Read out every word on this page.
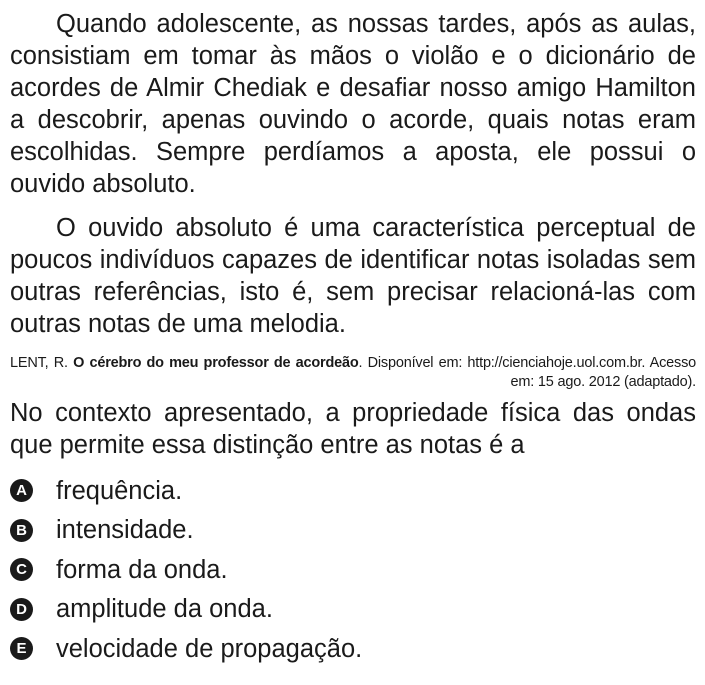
Quando adolescente, as nossas tardes, após as aulas, consistiam em tomar às mãos o violão e o dicionário de acordes de Almir Chediak e desafiar nosso amigo Hamilton a descobrir, apenas ouvindo o acorde, quais notas eram escolhidas. Sempre perdíamos a aposta, ele possui o ouvido absoluto.

O ouvido absoluto é uma característica perceptual de poucos indivíduos capazes de identificar notas isoladas sem outras referências, isto é, sem precisar relacioná-las com outras notas de uma melodia.

LENT, R. O cérebro do meu professor de acordeão. Disponível em: http://cienciahoje.uol.com.br. Acesso em: 15 ago. 2012 (adaptado).
No contexto apresentado, a propriedade física das ondas que permite essa distinção entre as notas é a
A frequência.
B intensidade.
C forma da onda.
D amplitude da onda.
E velocidade de propagação.
